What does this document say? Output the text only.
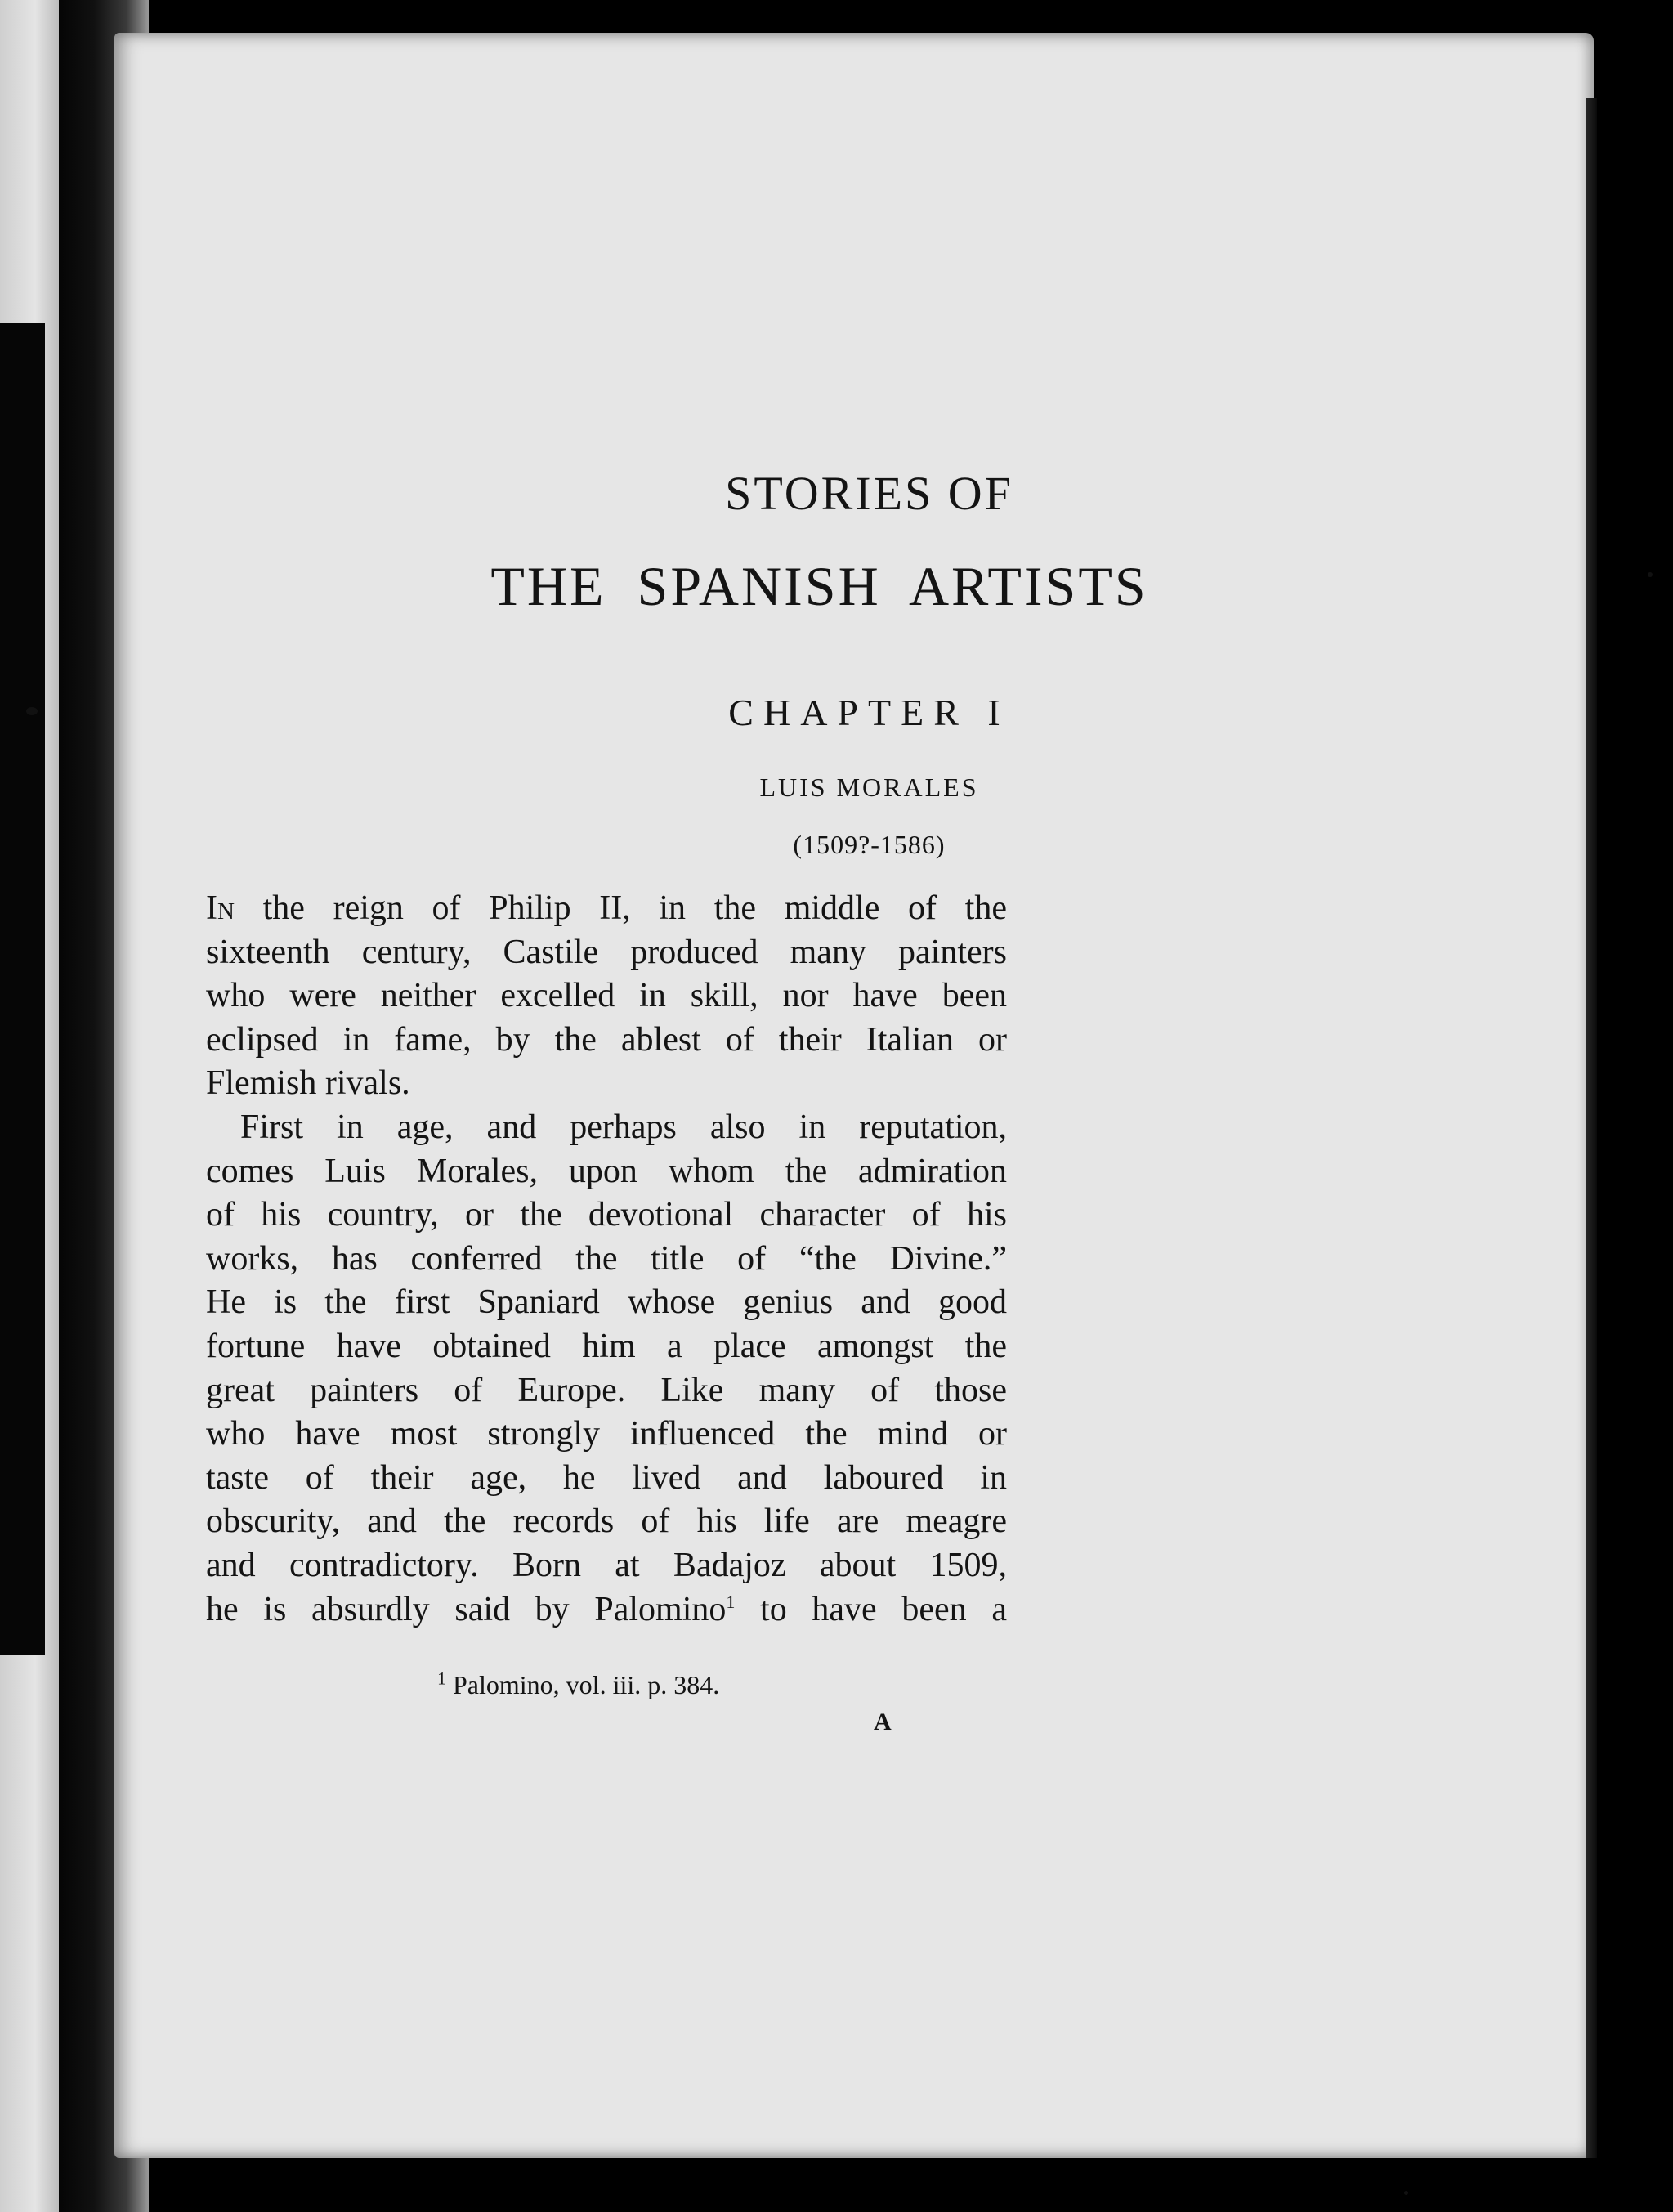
STORIES OF
THE SPANISH ARTISTS
CHAPTER I
LUIS MORALES
(1509?-1586)

In the reign of Philip II, in the middle of the
sixteenth century, Castile produced many painters
who were neither excelled in skill, nor have been
eclipsed in fame, by the ablest of their Italian or
Flemish rivals.

First in age, and perhaps also in reputation,
comes Luis Morales, upon whom the admiration
of his country, or the devotional character of his
works, has conferred the title of “the Divine.”
He is the first Spaniard whose genius and good
fortune have obtained him a place amongst the
great painters of Europe. Like many of those
who have most strongly influenced the mind or
taste of their age, he lived and laboured in
obscurity, and the records of his life are meagre
and contradictory. Born at Badajoz about 1509,
he is absurdly said by Palomino$^1$ to have been a

$^1$ Palomino, vol. iii. p. 384.
A
